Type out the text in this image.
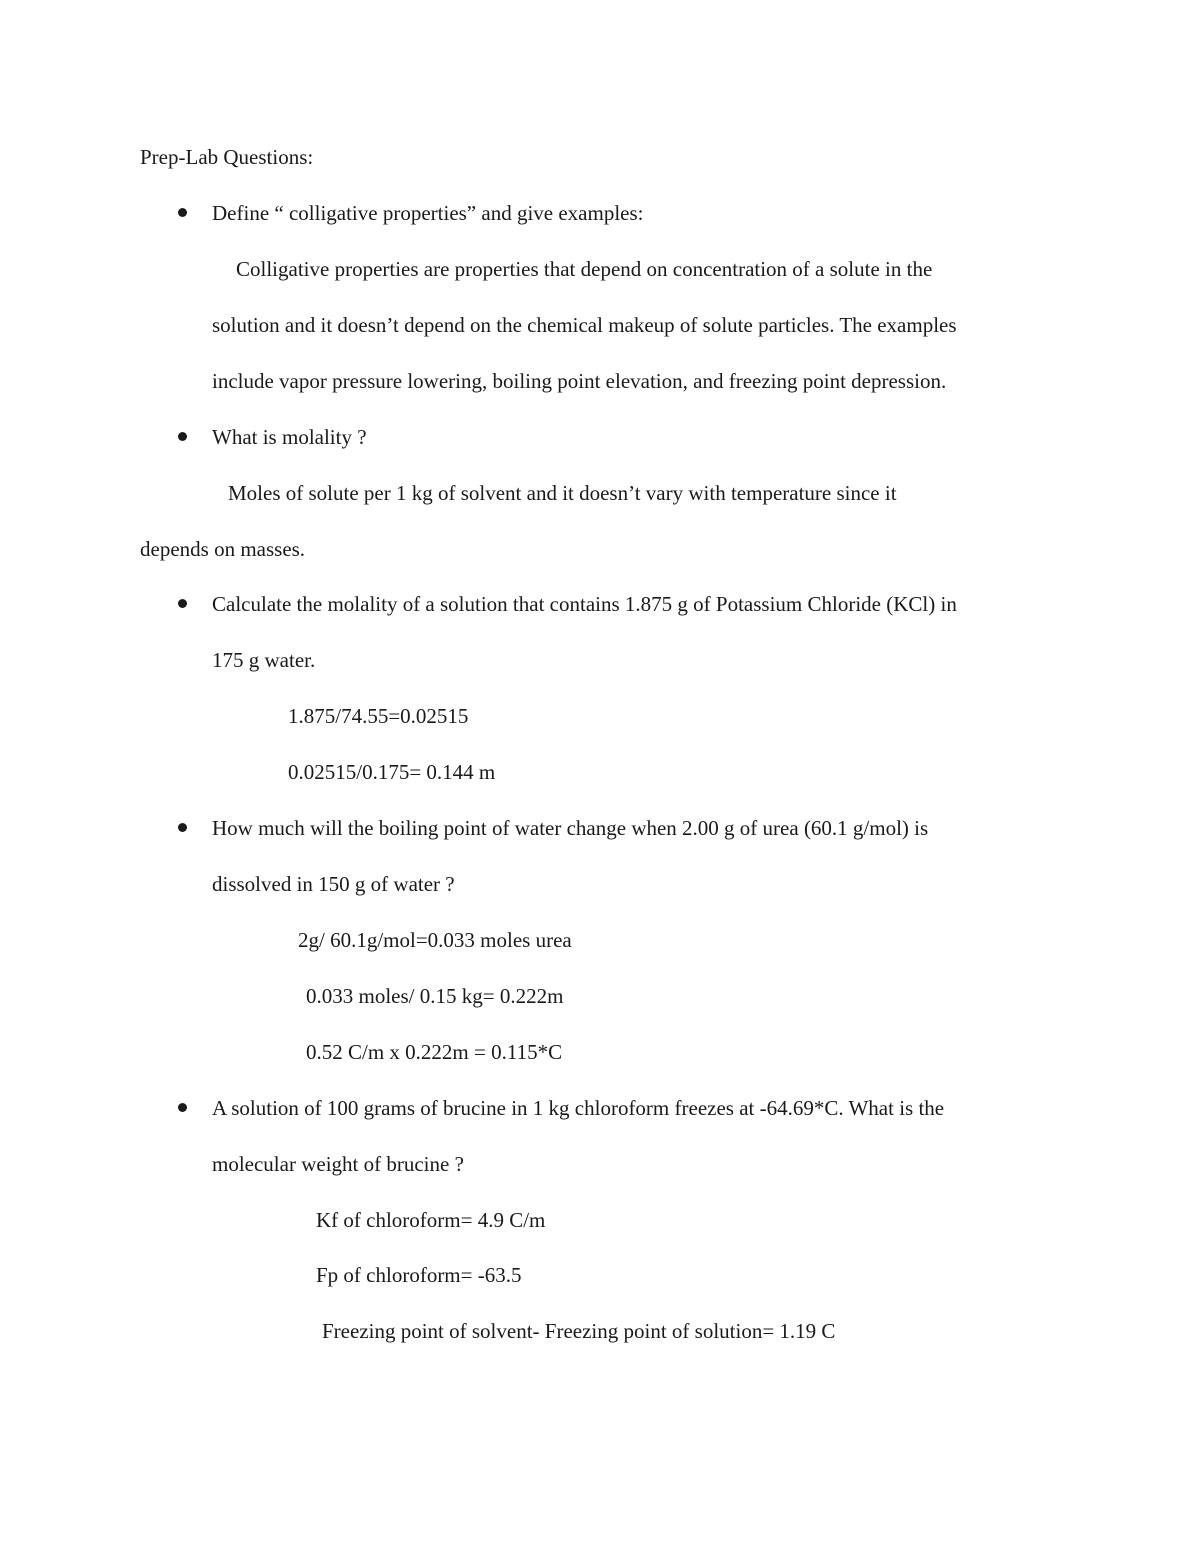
Prep-Lab Questions:
Define “ colligative properties” and give examples:
Colligative properties are properties that depend on concentration of a solute in the
solution and it doesn’t depend on the chemical makeup of solute particles. The examples
include vapor pressure lowering, boiling point elevation, and freezing point depression.
What is molality ?
Moles of solute per 1 kg of solvent and it doesn’t vary with temperature since it
depends on masses.
Calculate the molality of a solution that contains 1.875 g of Potassium Chloride (KCl) in
175 g water.
1.875/74.55=0.02515
0.02515/0.175= 0.144 m
How much will the boiling point of water change when 2.00 g of urea (60.1 g/mol) is
dissolved in 150 g of water ?
2g/ 60.1g/mol=0.033 moles urea
0.033 moles/ 0.15 kg= 0.222m
0.52 C/m x 0.222m = 0.115*C
A solution of 100 grams of brucine in 1 kg chloroform freezes at -64.69*C. What is the
molecular weight of brucine ?
Kf of chloroform= 4.9 C/m
Fp of chloroform= -63.5
Freezing point of solvent- Freezing point of solution= 1.19 C
